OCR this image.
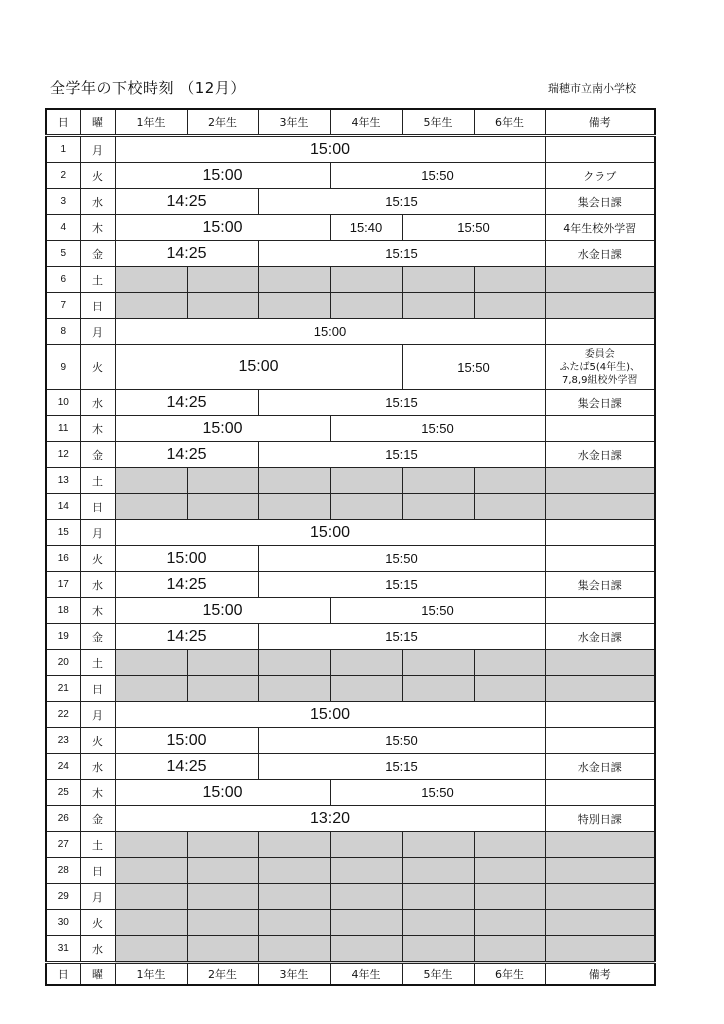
全学年の下校時刻 （12月）	瑞穂市立南小学校
日	曜	1年生	2年生	3年生	4年生	5年生	6年生	備考
1	月	15:00						
2	火	15:00			15:50			クラブ

3	水	14:25		15:15				集会日課

4	木	15:00			15:40	15:50		4年生校外学習

5	金	14:25		15:15				水金日課

6	土							
7	日							
8	月	15:00						
9	火	15:00				15:50		委員会
ふたば5(4年生)、
7,8,9組校外学習

10	水	14:25		15:15				集会日課

11	木	15:00			15:50			
12	金	14:25		15:15				水金日課

13	土							
14	日							
15	月	15:00						
16	火	15:00		15:50				
17	水	14:25		15:15				集会日課

18	木	15:00			15:50			
19	金	14:25		15:15				水金日課

20	土							
21	日							
22	月	15:00						
23	火	15:00		15:50				
24	水	14:25		15:15				水金日課

25	木	15:00			15:50			
26	金	13:20						特別日課

27	土							
28	日							
29	月							
30	火							
31	水							
日	曜	1年生	2年生	3年生	4年生	5年生	6年生	備考
